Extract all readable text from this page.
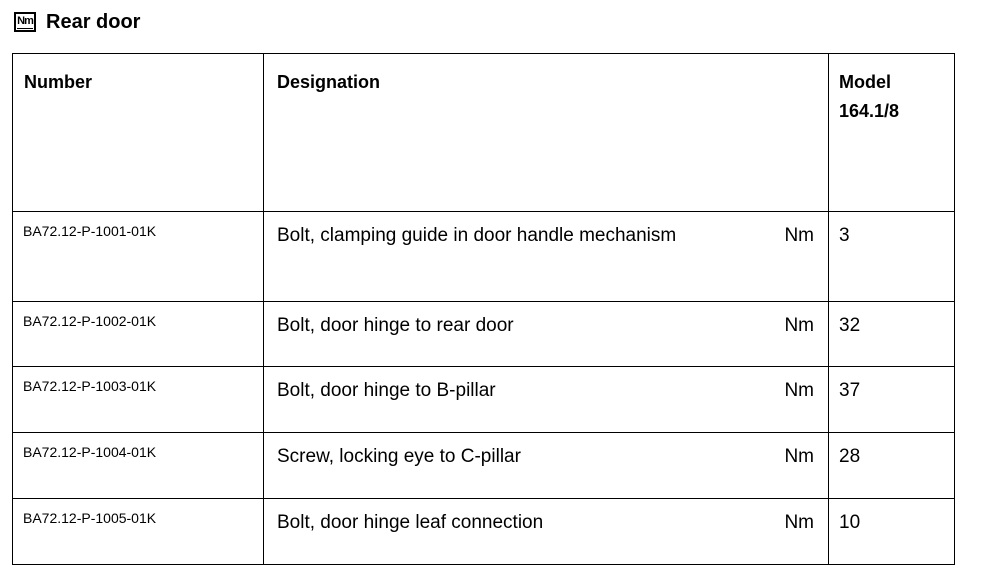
Nm Rear door
Number	Designation	Model
164.1/8

BA72.12-P-1001-01K	Bolt, clamping guide in door handle mechanism Nm	3

BA72.12-P-1002-01K	Bolt, door hinge to rear door Nm	32

BA72.12-P-1003-01K	Bolt, door hinge to B-pillar Nm	37

BA72.12-P-1004-01K	Screw, locking eye to C-pillar Nm	28

BA72.12-P-1005-01K	Bolt, door hinge leaf connection Nm	10
